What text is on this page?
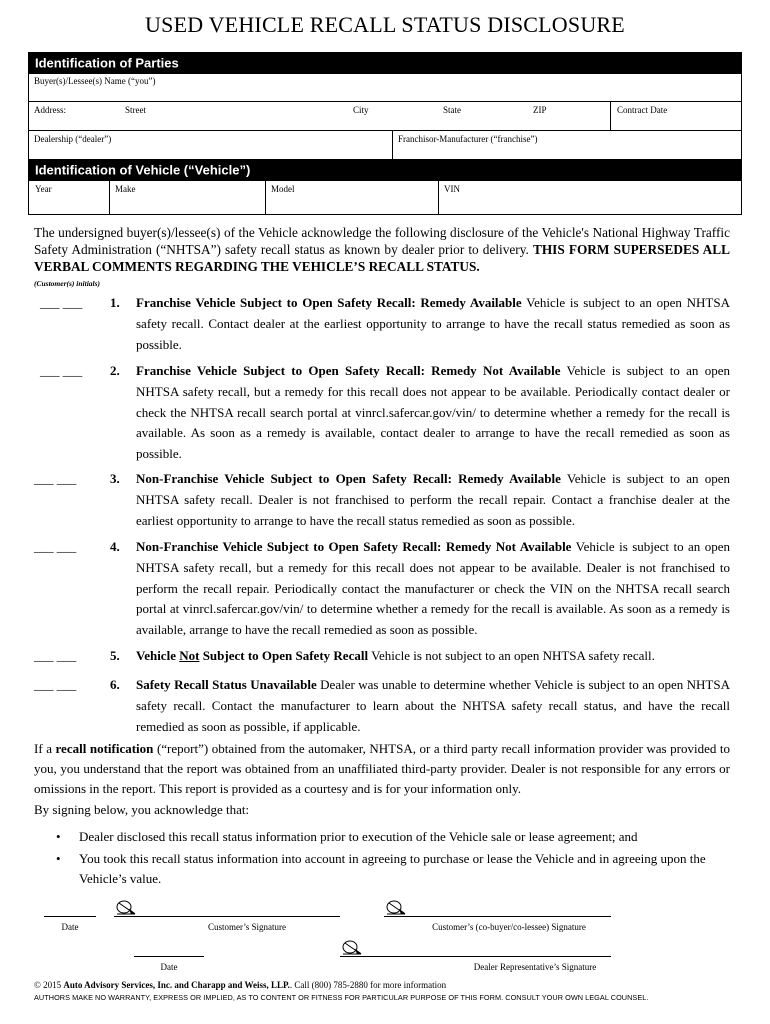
USED VEHICLE RECALL STATUS DISCLOSURE
Identification of Parties
Buyer(s)/Lessee(s) Name (“you”)
Address:	Street	City	State	ZIP	Contract Date
Dealership (“dealer”)	Franchisor-Manufacturer (“franchise”)
Identification of Vehicle (“Vehicle”)
Year	Make	Model	VIN
The undersigned buyer(s)/lessee(s) of the Vehicle acknowledge the following disclosure of the Vehicle's National Highway Traffic Safety Administration (“NHTSA”) safety recall status as known by dealer prior to delivery. THIS FORM SUPERSEDES ALL VERBAL COMMENTS REGARDING THE VEHICLE’S RECALL STATUS.
(Customer(s) initials)
___ ___ 1. Franchise Vehicle Subject to Open Safety Recall: Remedy Available Vehicle is subject to an open NHTSA safety recall. Contact dealer at the earliest opportunity to arrange to have the recall status remedied as soon as possible.
___ ___ 2. Franchise Vehicle Subject to Open Safety Recall: Remedy Not Available Vehicle is subject to an open NHTSA safety recall, but a remedy for this recall does not appear to be available. Periodically contact dealer or check the NHTSA recall search portal at vinrcl.safercar.gov/vin/ to determine whether a remedy for the recall is available. As soon as a remedy is available, contact dealer to arrange to have the recall remedied as soon as possible.
___ ___	3. Non-Franchise Vehicle Subject to Open Safety Recall: Remedy Available Vehicle is subject to an open NHTSA safety recall. Dealer is not franchised to perform the recall repair. Contact a franchise dealer at the earliest opportunity to arrange to have the recall status remedied as soon as possible.
___ ___	4. Non-Franchise Vehicle Subject to Open Safety Recall: Remedy Not Available Vehicle is subject to an open NHTSA safety recall, but a remedy for this recall does not appear to be available. Dealer is not franchised to perform the recall repair. Periodically contact the manufacturer or check the VIN on the NHTSA recall search portal at vinrcl.safercar.gov/vin/ to determine whether a remedy for the recall is available. As soon as a remedy is available, arrange to have the recall remedied as soon as possible.
___ ___	5. Vehicle Not Subject to Open Safety Recall Vehicle is not subject to an open NHTSA safety recall.
___ ___	6. Safety Recall Status Unavailable Dealer was unable to determine whether Vehicle is subject to an open NHTSA safety recall. Contact the manufacturer to learn about the NHTSA safety recall status, and have the recall remedied as soon as possible, if applicable.
If a recall notification (“report”) obtained from the automaker, NHTSA, or a third party recall information provider was provided to you, you understand that the report was obtained from an unaffiliated third-party provider. Dealer is not responsible for any errors or omissions in the report. This report is provided as a courtesy and is for your information only.
By signing below, you acknowledge that:
• Dealer disclosed this recall status information prior to execution of the Vehicle sale or lease agreement; and
• You took this recall status information into account in agreeing to purchase or lease the Vehicle and in agreeing upon the Vehicle’s value.
Date	Customer’s Signature	Customer’s (co-buyer/co-lessee) Signature
Date	Dealer Representative’s Signature
© 2015 Auto Advisory Services, Inc. and Charapp and Weiss, LLP.. Call (800) 785-2880 for more information
AUTHORS MAKE NO WARRANTY, EXPRESS OR IMPLIED, AS TO CONTENT OR FITNESS FOR PARTICULAR PURPOSE OF THIS FORM. CONSULT YOUR OWN LEGAL COUNSEL.
